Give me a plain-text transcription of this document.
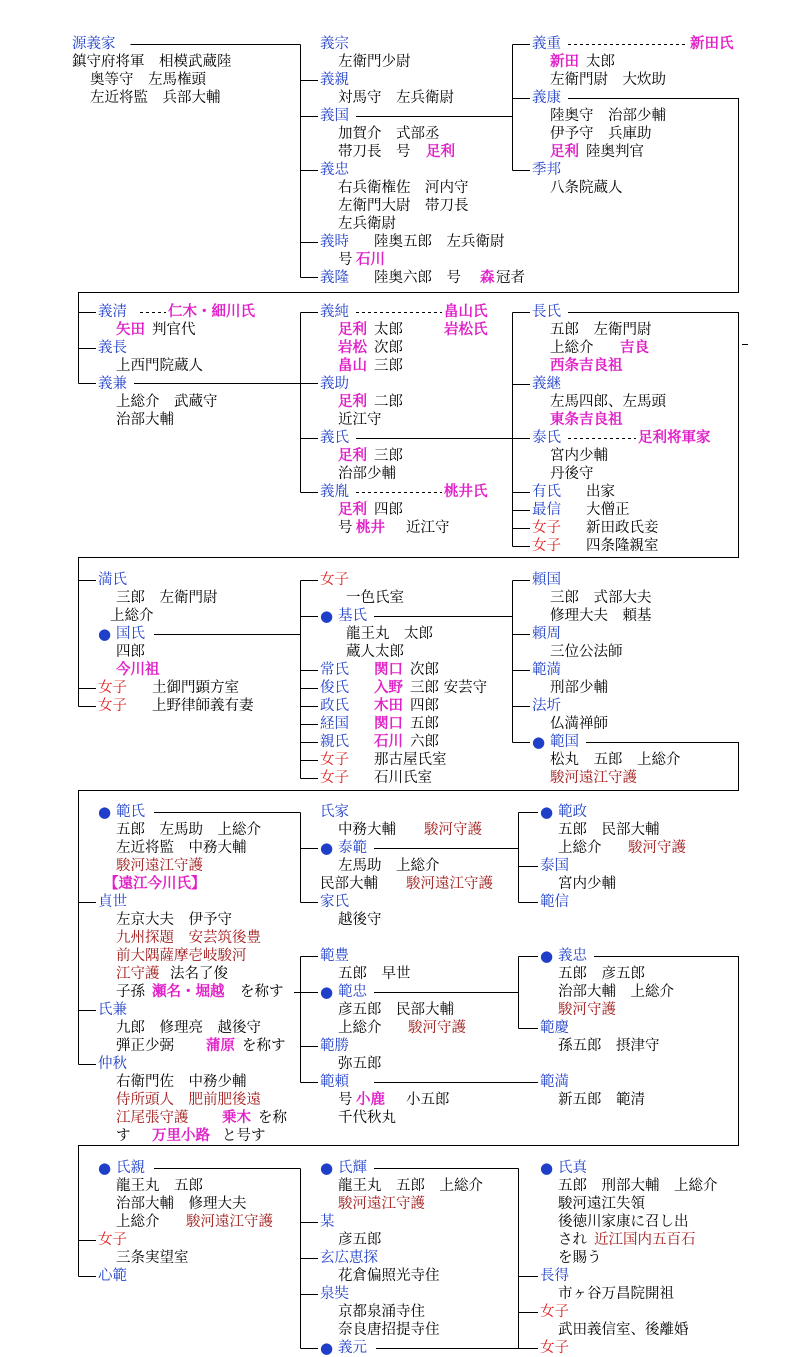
源義家
鎮守府将軍　相模武蔵陸
奥等守　左馬権頭
左近将監　兵部大輔
義宗
左衛門少尉
義親
対馬守　左兵衛尉
義国
加賀介　式部丞
帯刀長　号 足利
義忠
右兵衛権佐　河内守
左衛門大尉　帯刀長
左兵衛尉
義時 陸奥五郎　左兵衛尉
号 石川
義隆 陸奥六郎　号 森 冠者
義重	新田氏
新田 太郎
左衛門尉　大炊助
義康
陸奥守　治部少輔
伊予守　兵庫助
足利 陸奥判官
季邦
八条院蔵人
義清	仁木・細川氏
矢田 判官代
義長
上西門院蔵人
義兼
上総介　武蔵守
治部大輔
義純	畠山氏
足利 太郎	岩松氏
岩松 次郎
畠山 三郎
義助
足利 二郎
近江守
義氏
足利 三郎
治部少輔
義胤	桃井氏
足利 四郎
号 桃井 近江守
長氏
五郎　左衛門尉
上総介 吉良
西条吉良祖
義継
左馬四郎、左馬頭
東条吉良祖
泰氏	足利将軍家
宮内少輔
丹後守
有氏 出家
最信 大僧正
女子 新田政氏妾
女子 四条隆親室
満氏
三郎　左衛門尉
上総介
● 国氏
四郎
今川祖
女子 土御門顕方室
女子 上野律師義有妻
女子
一色氏室
● 基氏
龍王丸　太郎
蔵人太郎
常氏 関口 次郎
俊氏 入野 三郎 安芸守
政氏 木田 四郎
経国 関口 五郎
親氏 石川 六郎
女子 那古屋氏室
女子 石川氏室
頼国
三郎　式部大夫
修理大夫　頼基
頼周
三位公法師
範満
刑部少輔
法圻
仏満禅師
● 範国
松丸　五郎　上総介
駿河遠江守護
● 範氏
五郎　左馬助　上総介
左近将監　中務大輔
駿河遠江守護
【遠江今川氏】
貞世
左京大夫　伊予守
九州探題　安芸筑後豊
前大隅薩摩壱岐駿河
江守護 法名了俊
子孫 瀬名・堀越 を称す
氏兼
九郎　修理亮　越後守
弾正少弼 蒲原 を称す
仲秋
右衛門佐　中務少輔
侍所頭人　肥前肥後遠
江尾張守護 乗木 を称
す 万里小路 と号す
氏家
中務大輔 駿河守護
● 泰範
左馬助　上総介
民部大輔 駿河遠江守護
家氏
越後守
範豊
五郎　早世
● 範忠
彦五郎　民部大輔
上総介 駿河守護
範勝
弥五郎
範頼
号 小鹿 小五郎
千代秋丸
● 範政
五郎　民部大輔
上総介 駿河守護
泰国
宮内少輔
範信
● 義忠
五郎　彦五郎
治部大輔　上総介
駿河守護
範慶
孫五郎　摂津守
範満
新五郎　範清
● 氏親
龍王丸　五郎
治部大輔　修理大夫
上総介 駿河遠江守護
女子
三条実望室
心範
● 氏輝
龍王丸　五郎　上総介
駿河遠江守護
某
彦五郎
玄広恵探
花倉偏照光寺住
泉奘
京都泉涌寺住
奈良唐招提寺住
● 義元
● 氏真
五郎　刑部大輔　上総介
駿河遠江失領
後徳川家康に召し出
され 近江国内五百石
を賜う
長得
市ヶ谷万昌院開祖
女子
武田義信室、後離婚
女子
